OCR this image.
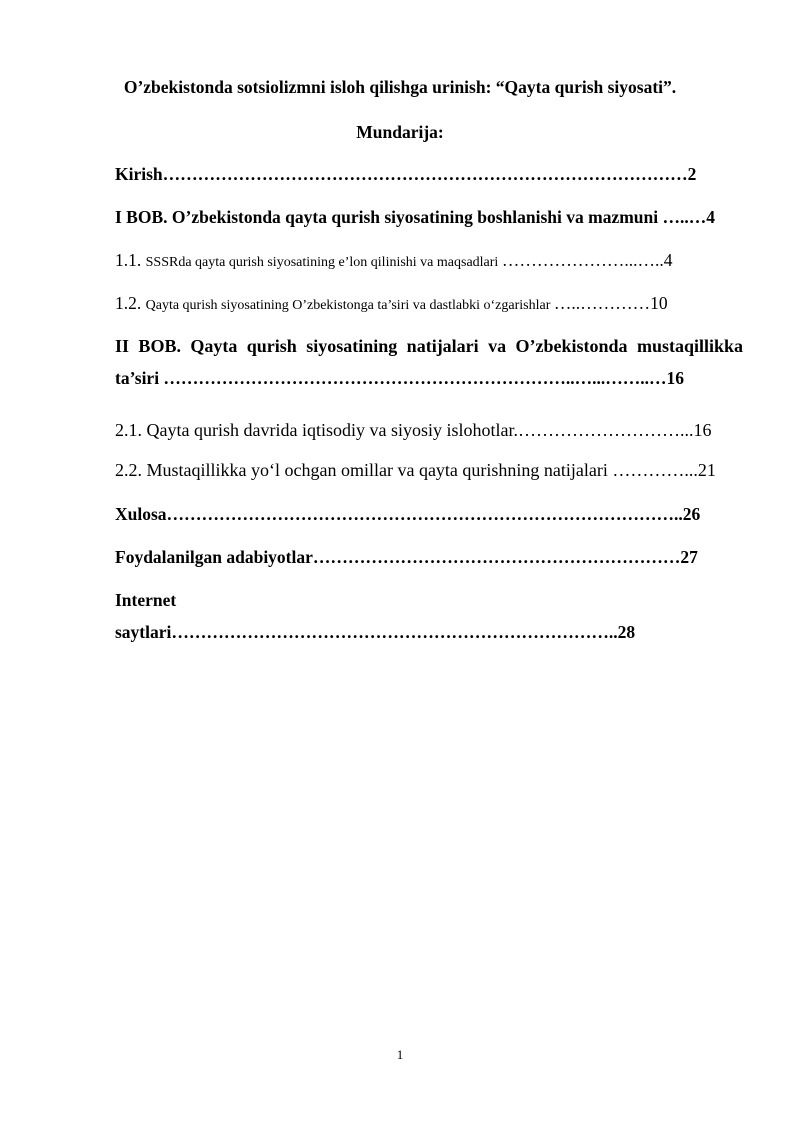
O’zbekistonda sotsiolizmni isloh qilishga urinish: “Qayta qurish siyosati”.
Mundarija:
Kirish………………………………………………………………………………2
I BOB. O’zbekistonda qayta qurish siyosatining boshlanishi va mazmuni …..…4
1.1. SSSRda qayta qurish siyosatining e’lon qilinishi va maqsadlari …………………...…..4
1.2. Qayta qurish siyosatining O’zbekistonga ta’siri va dastlabki o‘zgarishlar …..…………10
II BOB. Qayta qurish siyosatining natijalari va O’zbekistonda mustaqillikka
ta’siri ……………………………………………………………..…...……..…16
2.1. Qayta qurish davrida iqtisodiy va siyosiy islohotlar.………………………...16
2.2. Mustaqillikka yo‘l ochgan omillar va qayta qurishning natijalari …………...21
Xulosa……………………………………………………………………………..26
Foydalanilgan adabiyotlar………………………………………………………27
Internet
saytlari…………………………………………………………………..28
1
